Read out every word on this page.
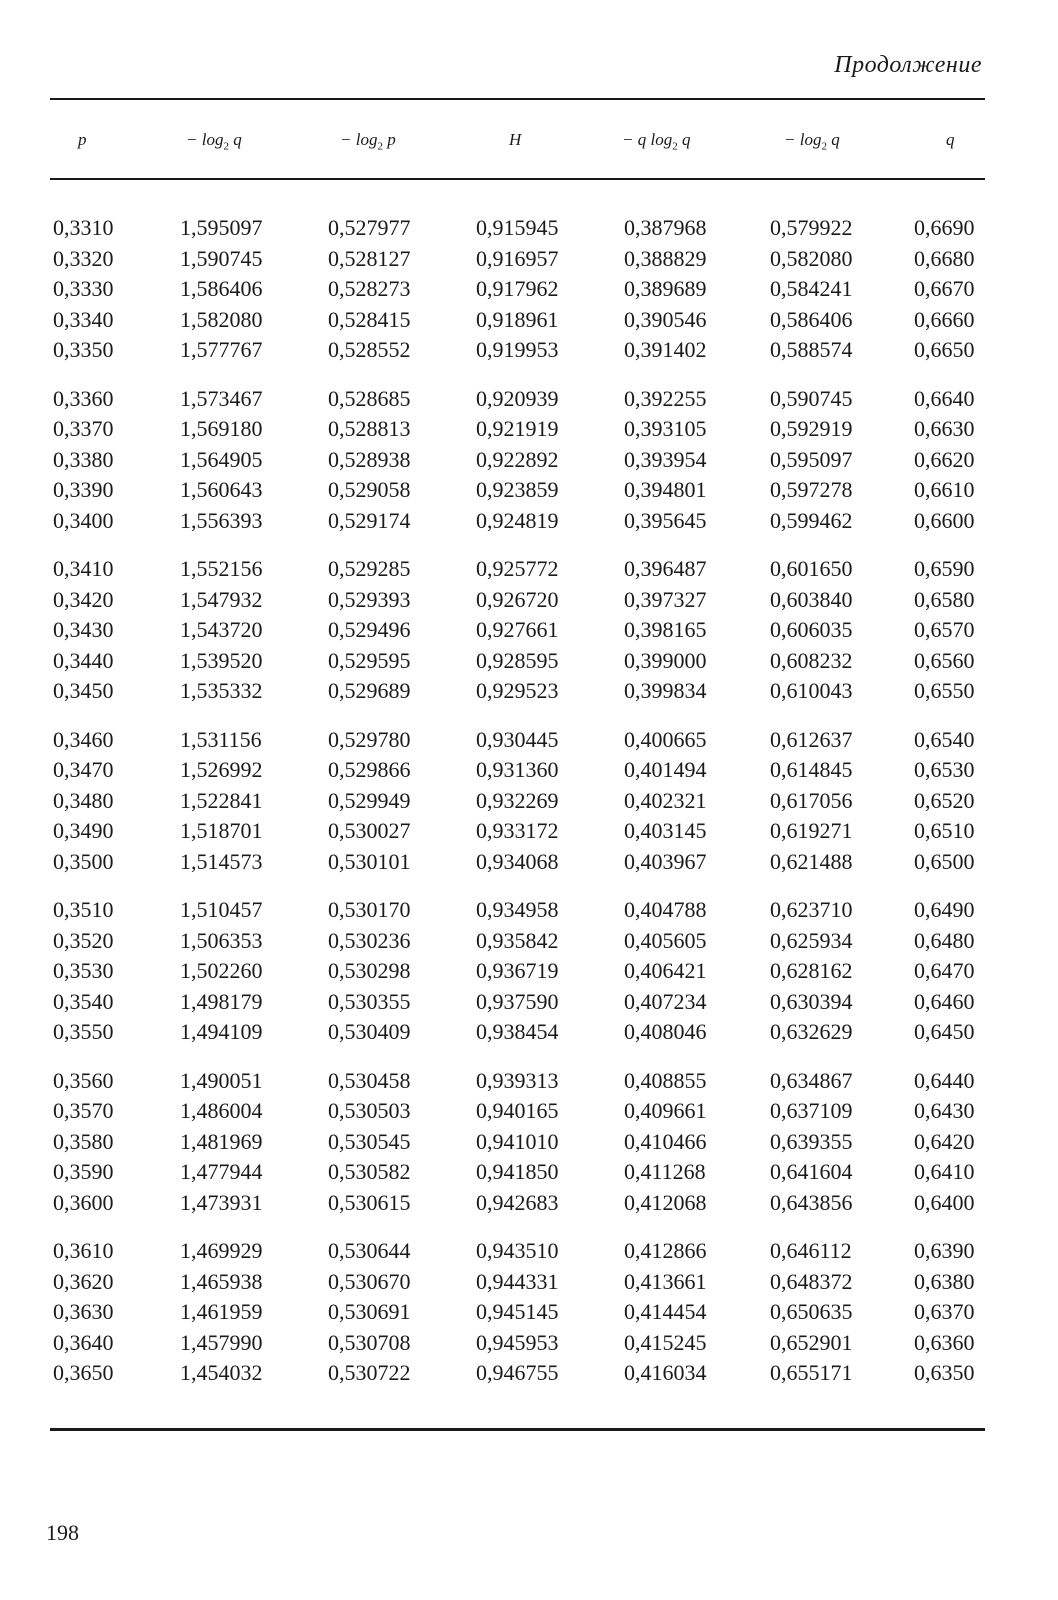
Продолжение
p	− $\log_2 q$	− $\log_2 p$	H	− q $\log_2 q$	− $\log_2 q$	q
0,3310	1,595097	0,527977	0,915945	0,387968	0,579922	0,6690
0,3320	1,590745	0,528127	0,916957	0,388829	0,582080	0,6680
0,3330	1,586406	0,528273	0,917962	0,389689	0,584241	0,6670
0,3340	1,582080	0,528415	0,918961	0,390546	0,586406	0,6660
0,3350	1,577767	0,528552	0,919953	0,391402	0,588574	0,6650
0,3360	1,573467	0,528685	0,920939	0,392255	0,590745	0,6640
0,3370	1,569180	0,528813	0,921919	0,393105	0,592919	0,6630
0,3380	1,564905	0,528938	0,922892	0,393954	0,595097	0,6620
0,3390	1,560643	0,529058	0,923859	0,394801	0,597278	0,6610
0,3400	1,556393	0,529174	0,924819	0,395645	0,599462	0,6600
0,3410	1,552156	0,529285	0,925772	0,396487	0,601650	0,6590
0,3420	1,547932	0,529393	0,926720	0,397327	0,603840	0,6580
0,3430	1,543720	0,529496	0,927661	0,398165	0,606035	0,6570
0,3440	1,539520	0,529595	0,928595	0,399000	0,608232	0,6560
0,3450	1,535332	0,529689	0,929523	0,399834	0,610043	0,6550
0,3460	1,531156	0,529780	0,930445	0,400665	0,612637	0,6540
0,3470	1,526992	0,529866	0,931360	0,401494	0,614845	0,6530
0,3480	1,522841	0,529949	0,932269	0,402321	0,617056	0,6520
0,3490	1,518701	0,530027	0,933172	0,403145	0,619271	0,6510
0,3500	1,514573	0,530101	0,934068	0,403967	0,621488	0,6500
0,3510	1,510457	0,530170	0,934958	0,404788	0,623710	0,6490
0,3520	1,506353	0,530236	0,935842	0,405605	0,625934	0,6480
0,3530	1,502260	0,530298	0,936719	0,406421	0,628162	0,6470
0,3540	1,498179	0,530355	0,937590	0,407234	0,630394	0,6460
0,3550	1,494109	0,530409	0,938454	0,408046	0,632629	0,6450
0,3560	1,490051	0,530458	0,939313	0,408855	0,634867	0,6440
0,3570	1,486004	0,530503	0,940165	0,409661	0,637109	0,6430
0,3580	1,481969	0,530545	0,941010	0,410466	0,639355	0,6420
0,3590	1,477944	0,530582	0,941850	0,411268	0,641604	0,6410
0,3600	1,473931	0,530615	0,942683	0,412068	0,643856	0,6400
0,3610	1,469929	0,530644	0,943510	0,412866	0,646112	0,6390
0,3620	1,465938	0,530670	0,944331	0,413661	0,648372	0,6380
0,3630	1,461959	0,530691	0,945145	0,414454	0,650635	0,6370
0,3640	1,457990	0,530708	0,945953	0,415245	0,652901	0,6360
0,3650	1,454032	0,530722	0,946755	0,416034	0,655171	0,6350
198
